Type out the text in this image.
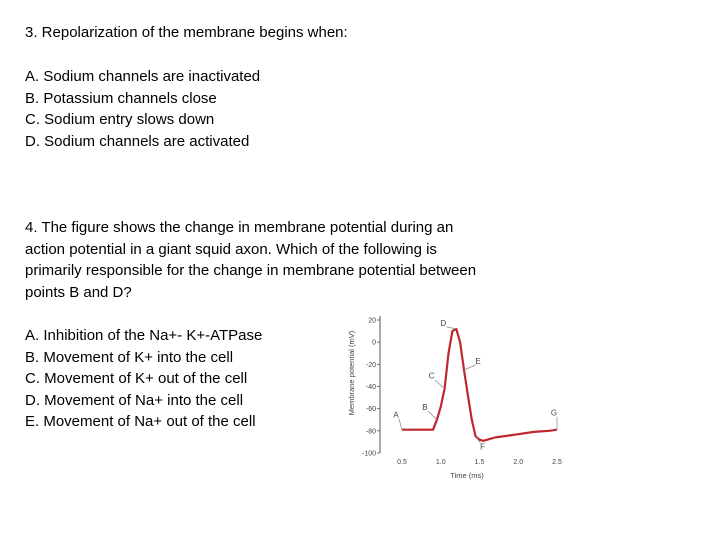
3. Repolarization of the membrane begins when:

A. Sodium channels are inactivated
B. Potassium channels close
C. Sodium entry slows down
D. Sodium channels are activated
4. The figure shows the change in membrane potential during an
action potential in a giant squid axon. Which of the following is
primarily responsible for the change in membrane potential between
points B and D?
A. Inhibition of the Na+- K+-ATPase
B. Movement of K+ into the cell
C. Movement of K+ out of the cell
D. Movement of Na+ into the cell
E. Movement of Na+ out of the cell
20
0
-20
-40
-60
-80
-100
0.5	1.0	1.5	2.0	2.5
A
B
C
D
E
F
G
Time (ms)
Membrane potential (mV)
